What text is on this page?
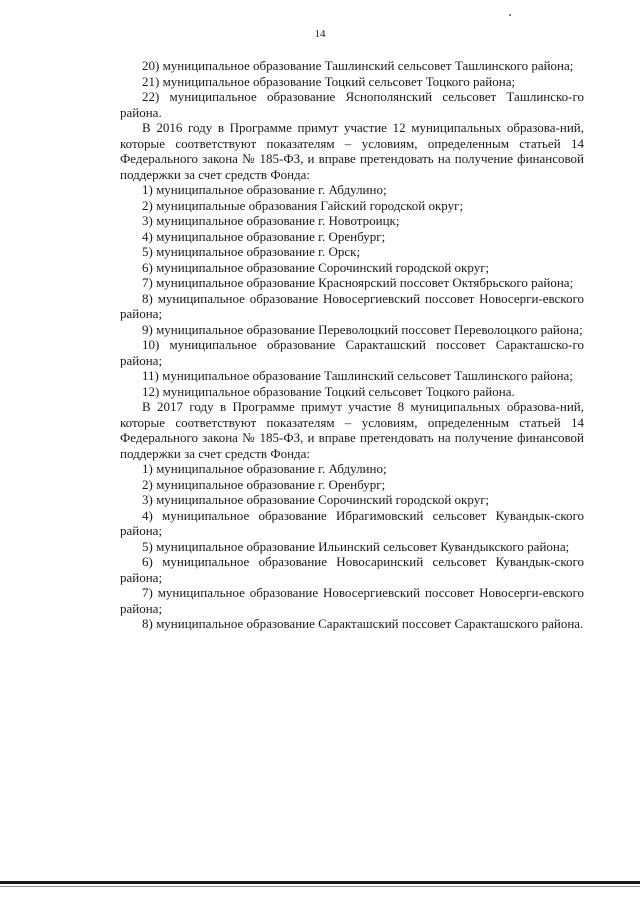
14

20) муниципальное образование Ташлинский сельсовет Ташлинского района;

21) муниципальное образование Тоцкий сельсовет Тоцкого района;

22) муниципальное образование Яснополянский сельсовет Ташлинско-го района.

В 2016 году в Программе примут участие 12 муниципальных образова-ний, которые соответствуют показателям – условиям, определенным статьей 14 Федерального закона № 185-ФЗ, и вправе претендовать на получение финансовой поддержки за счет средств Фонда:

1) муниципальное образование г. Абдулино;

2) муниципальные образования Гайский городской округ;

3) муниципальное образование г. Новотроицк;

4) муниципальное образование г. Оренбург;

5) муниципальное образование г. Орск;

6) муниципальное образование Сорочинский городской округ;

7) муниципальное образование Красноярский поссовет Октябрьского района;

8) муниципальное образование Новосергиевский поссовет Новосерги-евского района;

9) муниципальное образование Переволоцкий поссовет Переволоцкого района;

10) муниципальное образование Саракташский поссовет Саракташско-го района;

11) муниципальное образование Ташлинский сельсовет Ташлинского района;

12) муниципальное образование Тоцкий сельсовет Тоцкого района.

В 2017 году в Программе примут участие 8 муниципальных образова-ний, которые соответствуют показателям – условиям, определенным статьей 14 Федерального закона № 185-ФЗ, и вправе претендовать на получение финансовой поддержки за счет средств Фонда:

1) муниципальное образование г. Абдулино;

2) муниципальное образование г. Оренбург;

3) муниципальное образование Сорочинский городской округ;

4) муниципальное образование Ибрагимовский сельсовет Кувандык-ского района;

5) муниципальное образование Ильинский сельсовет Кувандыкского района;

6) муниципальное образование Новосаринский сельсовет Кувандык-ского района;

7) муниципальное образование Новосергиевский поссовет Новосерги-евского района;

8) муниципальное образование Саракташский поссовет Саракташского района.
